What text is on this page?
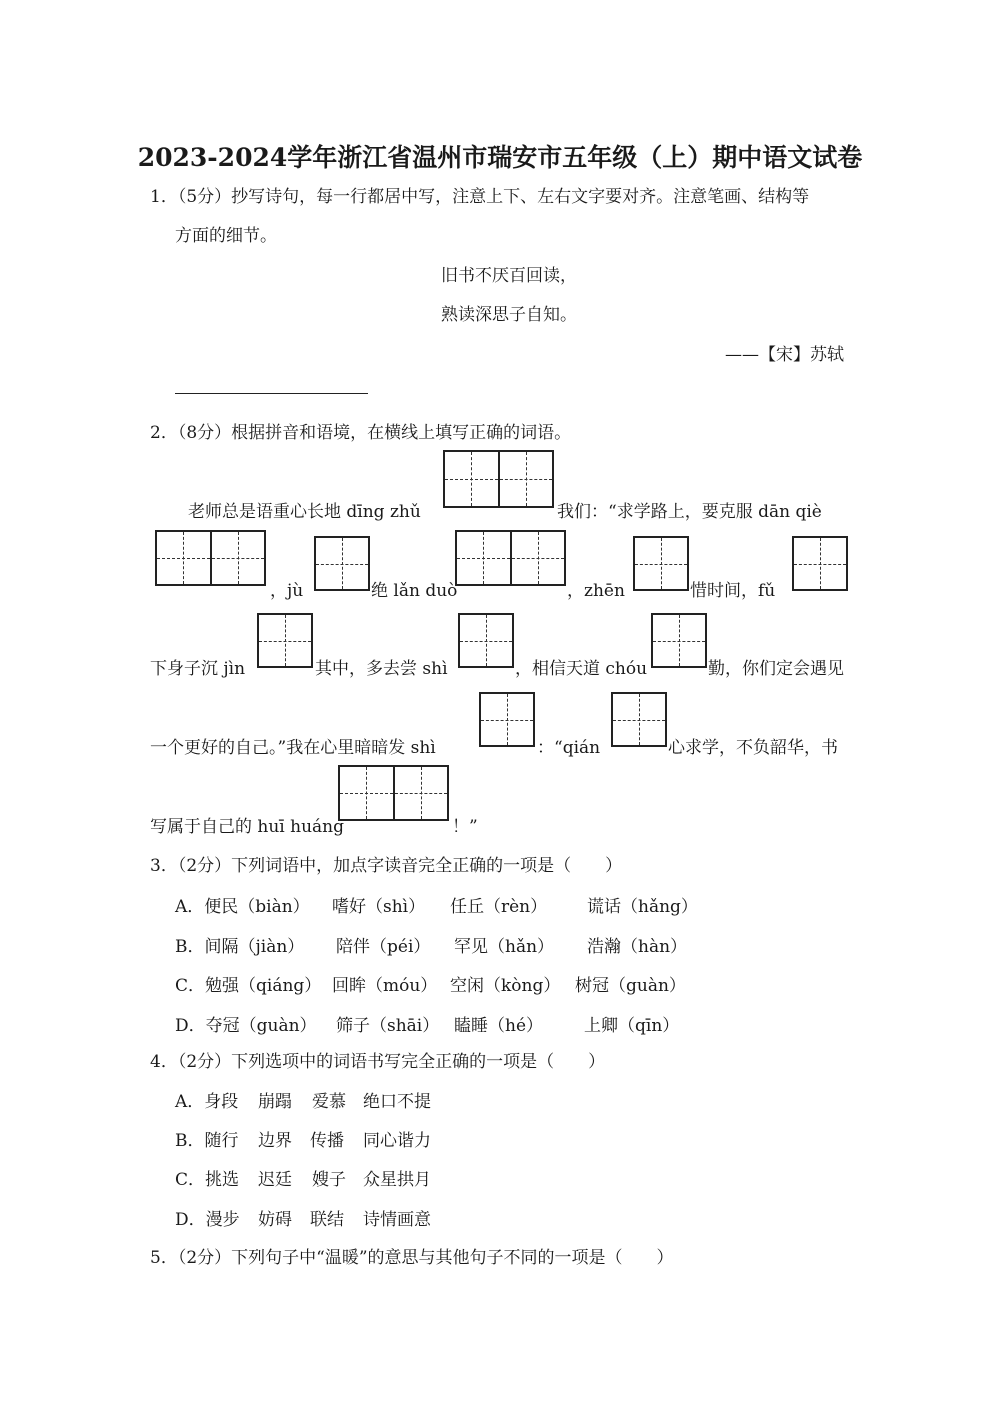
2023-2024学年浙江省温州市瑞安市五年级（上）期中语文试卷
1．（5分）抄写诗句，每一行都居中写，注意上下、左右文字要对齐。注意笔画、结构等
方面的细节。
旧书不厌百回读，
熟读深思子自知。
——【宋】苏轼
2．（8分）根据拼音和语境，在横线上填写正确的词语。
老师总是语重心长地 dīng zhǔ	我们：“求学路上，要克服 dān qiè
，jù	绝 lǎn duò	，zhēn	惜时间，fǔ
下身子沉 jìn	其中，多去尝 shì	，相信天道 chóu	勤，你们定会遇见
一个更好的自己。”我在心里暗暗发 shì	：“qián	心求学，不负韶华，书
写属于自己的 huī huáng	！”
3．（2分）下列词语中，加点字读音完全正确的一项是（　　）
A．便民（biàn） 嗜好（shì） 任丘（rèn） 谎话（hǎng）
B．间隔（jiàn） 陪伴（péi） 罕见（hǎn） 浩瀚（hàn）
C．勉强（qiáng） 回眸（móu） 空闲（kòng） 树冠（guàn）
D．夺冠（guàn） 筛子（shāi） 瞌睡（hé） 上卿（qīn）
4．（2分）下列选项中的词语书写完全正确的一项是（　　）
A．身段 崩蹋 爱慕 绝口不提
B．随行 边界 传播 同心谐力
C．挑选 迟廷 嫂子 众星拱月
D．漫步 妨碍 联结 诗情画意
5．（2分）下列句子中“温暖”的意思与其他句子不同的一项是（　　）
